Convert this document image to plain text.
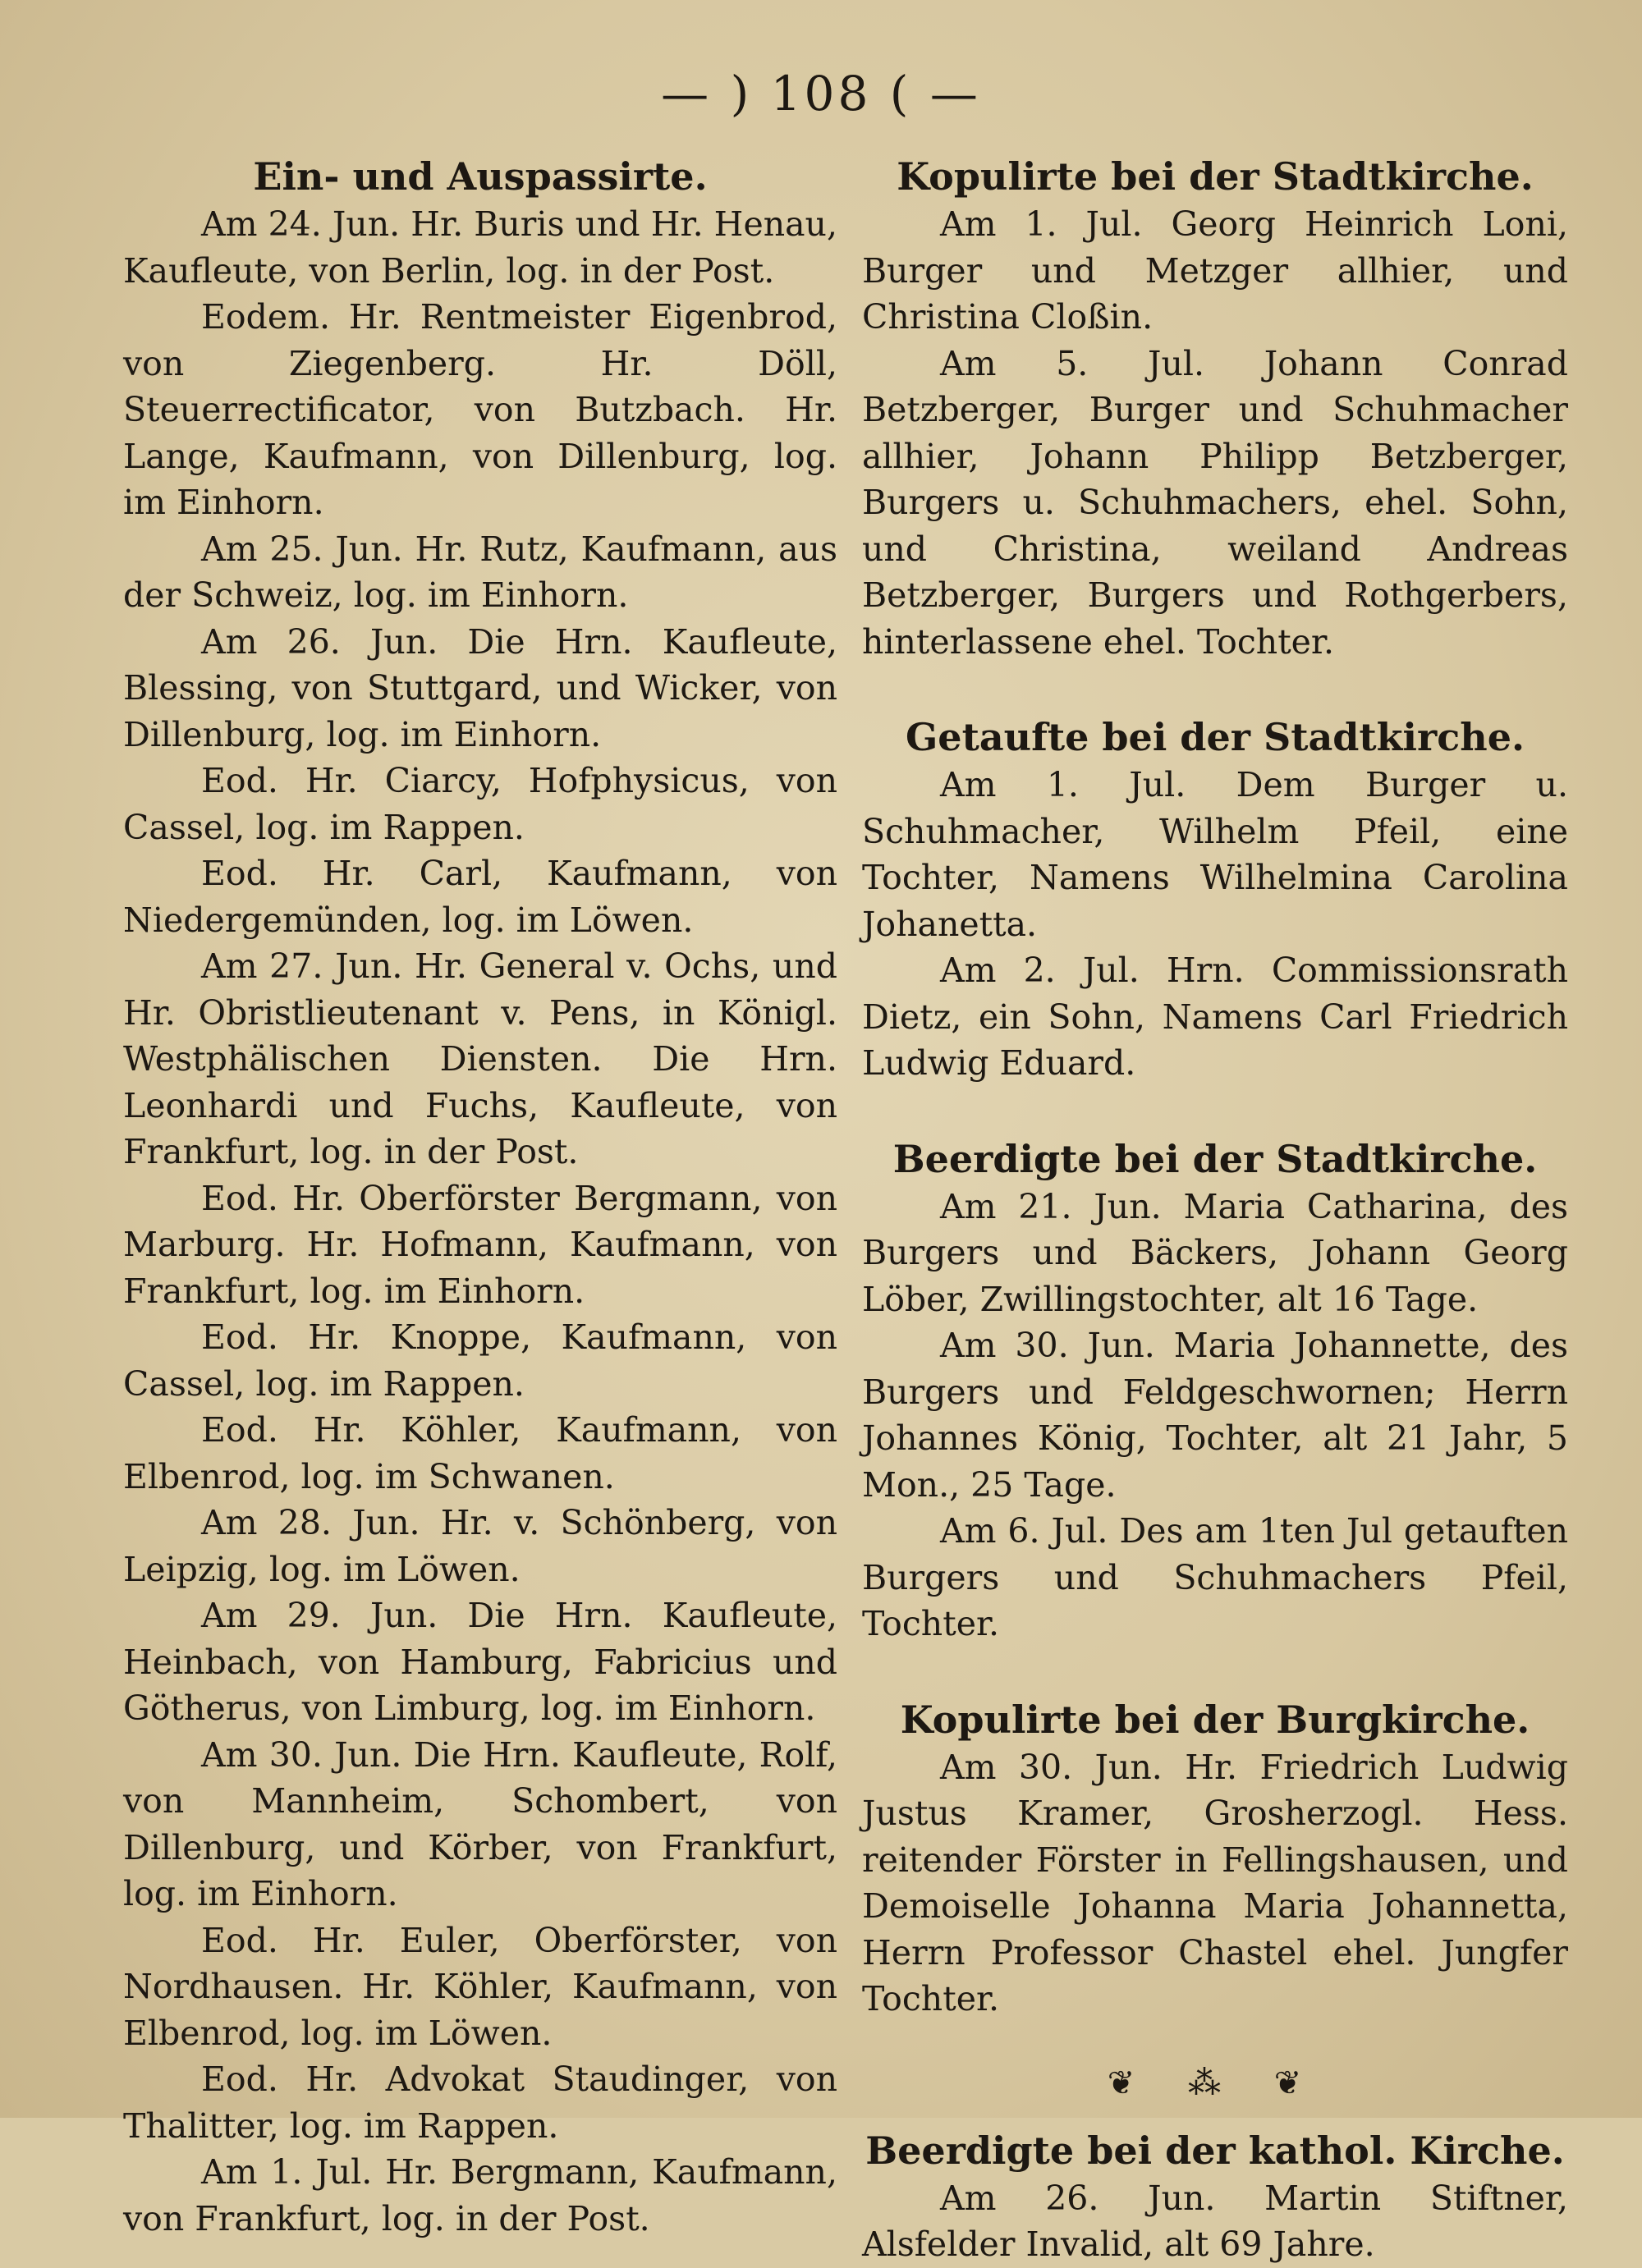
— ) 108 ( —
Ein- und Auspassirte.

Am 24. Jun. Hr. Buris und Hr. Henau, Kaufleute, von Berlin, log. in der Post.

Eodem. Hr. Rentmeister Eigenbrod, von Ziegenberg. Hr. Döll, Steuerrectificator, von Butzbach. Hr. Lange, Kaufmann, von Dillenburg, log. im Einhorn.

Am 25. Jun. Hr. Rutz, Kaufmann, aus der Schweiz, log. im Einhorn.

Am 26. Jun. Die Hrn. Kaufleute, Blessing, von Stuttgard, und Wicker, von Dillenburg, log. im Einhorn.

Eod. Hr. Ciarcy, Hofphysicus, von Cassel, log. im Rappen.

Eod. Hr. Carl, Kaufmann, von Niedergemünden, log. im Löwen.

Am 27. Jun. Hr. General v. Ochs, und Hr. Obristlieutenant v. Pens, in Königl. Westphälischen Diensten. Die Hrn. Leonhardi und Fuchs, Kaufleute, von Frankfurt, log. in der Post.

Eod. Hr. Oberförster Bergmann, von Marburg. Hr. Hofmann, Kaufmann, von Frankfurt, log. im Einhorn.

Eod. Hr. Knoppe, Kaufmann, von Cassel, log. im Rappen.

Eod. Hr. Köhler, Kaufmann, von Elbenrod, log. im Schwanen.

Am 28. Jun. Hr. v. Schönberg, von Leipzig, log. im Löwen.

Am 29. Jun. Die Hrn. Kaufleute, Heinbach, von Hamburg, Fabricius und Götherus, von Limburg, log. im Einhorn.

Am 30. Jun. Die Hrn. Kaufleute, Rolf, von Mannheim, Schombert, von Dillenburg, und Körber, von Frankfurt, log. im Einhorn.

Eod. Hr. Euler, Oberförster, von Nordhausen. Hr. Köhler, Kaufmann, von Elbenrod, log. im Löwen.

Eod. Hr. Advokat Staudinger, von Thalitter, log. im Rappen.

Am 1. Jul. Hr. Bergmann, Kaufmann, von Frankfurt, log. in der Post.

Kopulirte bei der Stadtkirche.

Am 1. Jul. Georg Heinrich Loni, Burger und Metzger allhier, und Christina Cloßin.

Am 5. Jul. Johann Conrad Betzberger, Burger und Schuhmacher allhier, Johann Philipp Betzberger, Burgers u. Schuhmachers, ehel. Sohn, und Christina, weiland Andreas Betzberger, Burgers und Rothgerbers, hinterlassene ehel. Tochter.

Getaufte bei der Stadtkirche.

Am 1. Jul. Dem Burger u. Schuhmacher, Wilhelm Pfeil, eine Tochter, Namens Wilhelmina Carolina Johanetta.

Am 2. Jul. Hrn. Commissionsrath Dietz, ein Sohn, Namens Carl Friedrich Ludwig Eduard.

Beerdigte bei der Stadtkirche.

Am 21. Jun. Maria Catharina, des Burgers und Bäckers, Johann Georg Löber, Zwillingstochter, alt 16 Tage.

Am 30. Jun. Maria Johannette, des Burgers und Feldgeschwornen; Herrn Johannes König, Tochter, alt 21 Jahr, 5 Mon., 25 Tage.

Am 6. Jul. Des am 1ten Jul getauften Burgers und Schuhmachers Pfeil, Tochter.

Kopulirte bei der Burgkirche.

Am 30. Jun. Hr. Friedrich Ludwig Justus Kramer, Grosherzogl. Hess. reitender Förster in Fellingshausen, und Demoiselle Johanna Maria Johannetta, Herrn Professor Chastel ehel. Jungfer Tochter.

❦ ⁂ ❦
Beerdigte bei der kathol. Kirche.

Am 26. Jun. Martin Stiftner, Alsfelder Invalid, alt 69 Jahre.
